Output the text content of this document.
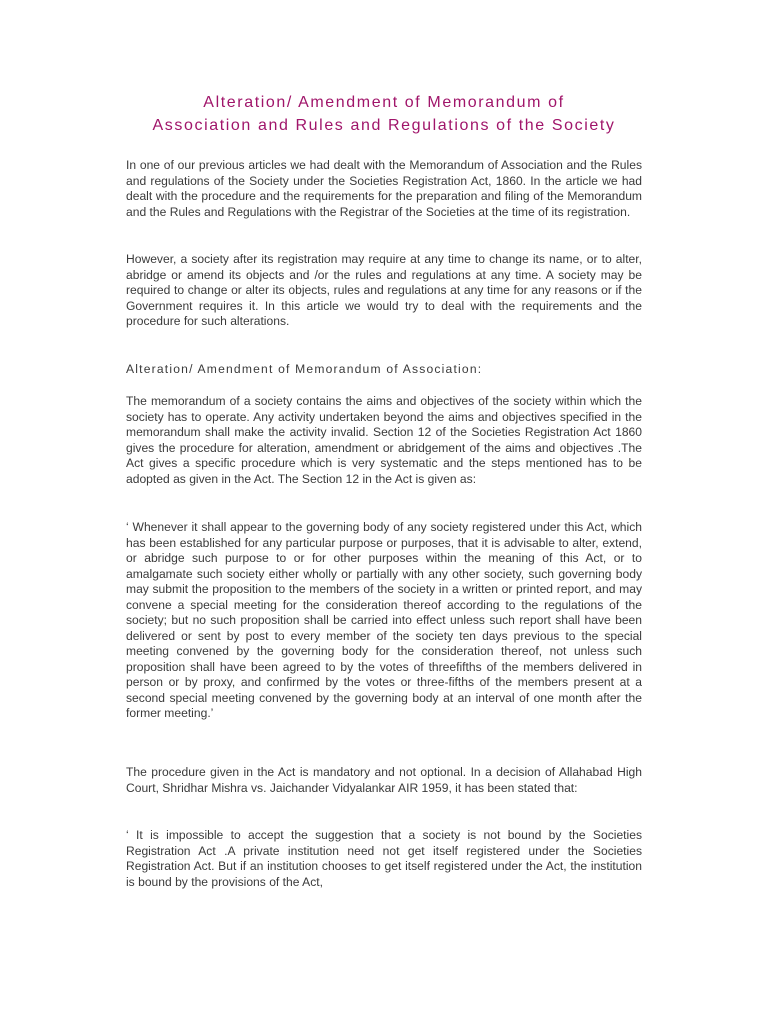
Alteration/ Amendment of Memorandum of
Association and Rules and Regulations of the Society

In one of our previous articles we had dealt with the Memorandum of Association and the Rules and regulations of the Society under the Societies Registration Act, 1860. In the article we had dealt with the procedure and the requirements for the preparation and filing of the Memorandum and the Rules and Regulations with the Registrar of the Societies at the time of its registration.

However, a society after its registration may require at any time to change its name, or to alter, abridge or amend its objects and /or the rules and regulations at any time. A society may be required to change or alter its objects, rules and regulations at any time for any reasons or if the Government requires it. In this article we would try to deal with the requirements and the procedure for such alterations.

Alteration/ Amendment of Memorandum of Association:

The memorandum of a society contains the aims and objectives of the society within which the society has to operate. Any activity undertaken beyond the aims and objectives specified in the memorandum shall make the activity invalid. Section 12 of the Societies Registration Act 1860 gives the procedure for alteration, amendment or abridgement of the aims and objectives .The Act gives a specific procedure which is very systematic and the steps mentioned has to be adopted as given in the Act. The Section 12 in the Act is given as:

‘ Whenever it shall appear to the governing body of any society registered under this Act, which has been established for any particular purpose or purposes, that it is advisable to alter, extend, or abridge such purpose to or for other purposes within the meaning of this Act, or to amalgamate such society either wholly or partially with any other society, such governing body may submit the proposition to the members of the society in a written or printed report, and may convene a special meeting for the consideration thereof according to the regulations of the society; but no such proposition shall be carried into effect unless such report shall have been delivered or sent by post to every member of the society ten days previous to the special meeting convened by the governing body for the consideration thereof, not unless such proposition shall have been agreed to by the votes of threefifths of the members delivered in person or by proxy, and confirmed by the votes or three-fifths of the members present at a second special meeting convened by the governing body at an interval of one month after the former meeting.’

The procedure given in the Act is mandatory and not optional. In a decision of Allahabad High Court, Shridhar Mishra vs. Jaichander Vidyalankar AIR 1959, it has been stated that:

‘ It is impossible to accept the suggestion that a society is not bound by the Societies Registration Act .A private institution need not get itself registered under the Societies Registration Act. But if an institution chooses to get itself registered under the Act, the institution is bound by the provisions of the Act,
